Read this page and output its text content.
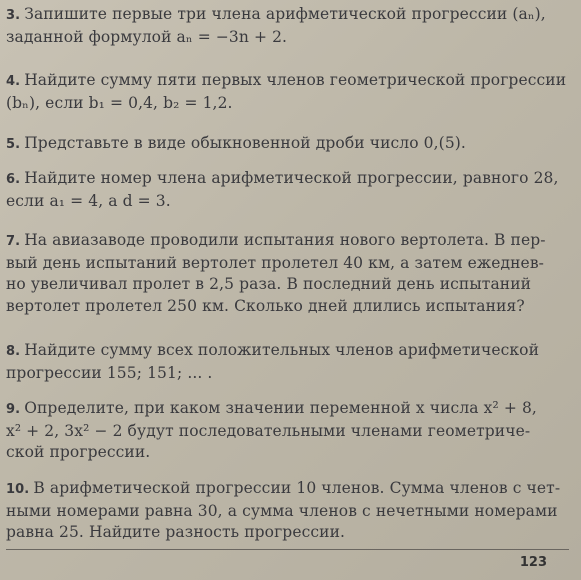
3. Запишите первые три члена арифметической прогрессии (aₙ),
заданной формулой aₙ = −3n + 2.
4. Найдите сумму пяти первых членов геометрической прогрессии
(bₙ), если b₁ = 0,4, b₂ = 1,2.
5. Представьте в виде обыкновенной дроби число 0,(5).
6. Найдите номер члена арифметической прогрессии, равного 28,
если a₁ = 4, а d = 3.
7. На авиазаводе проводили испытания нового вертолета. В пер-
вый день испытаний вертолет пролетел 40 км, а затем ежеднев-
но увеличивал пролет в 2,5 раза. В последний день испытаний
вертолет пролетел 250 км. Сколько дней длились испытания?
8. Найдите сумму всех положительных членов арифметической
прогрессии 155; 151; ... .
9. Определите, при каком значении переменной x числа x² + 8,
x² + 2, 3x² − 2 будут последовательными членами геометриче-
ской прогрессии.
10. В арифметической прогрессии 10 членов. Сумма членов с чет-
ными номерами равна 30, а сумма членов с нечетными номерами
равна 25. Найдите разность прогрессии.
123
